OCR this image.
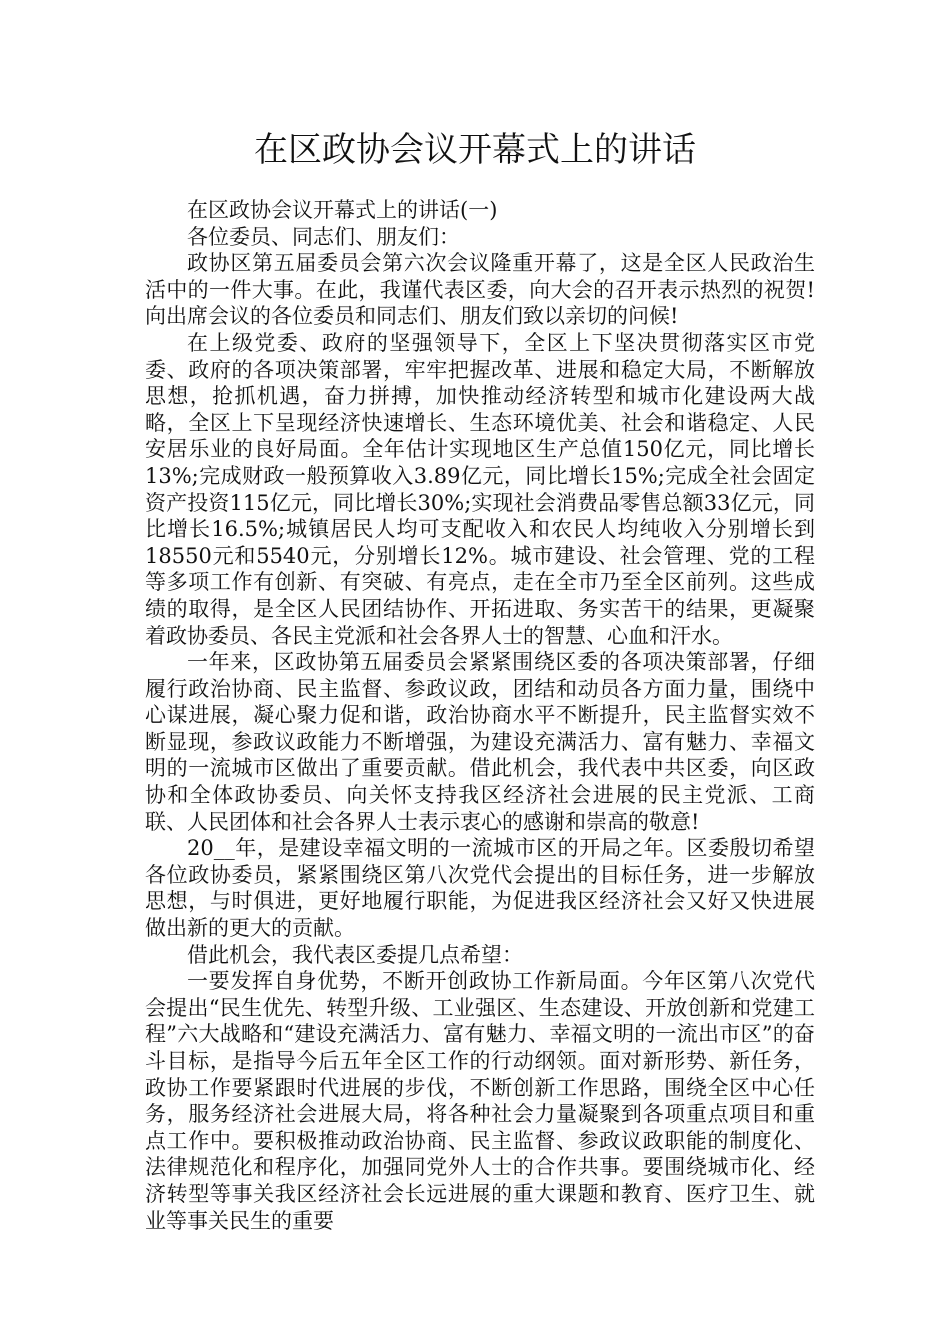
在区政协会议开幕式上的讲话

在区政协会议开幕式上的讲话(一)

各位委员、同志们、朋友们：

政协区第五届委员会第六次会议隆重开幕了，这是全区人民政治生活中的一件大事。在此，我谨代表区委，向大会的召开表示热烈的祝贺!向出席会议的各位委员和同志们、朋友们致以亲切的问候!

在上级党委、政府的坚强领导下，全区上下坚决贯彻落实区市党委、政府的各项决策部署，牢牢把握改革、进展和稳定大局，不断解放思想，抢抓机遇，奋力拼搏，加快推动经济转型和城市化建设两大战略，全区上下呈现经济快速增长、生态环境优美、社会和谐稳定、人民安居乐业的良好局面。全年估计实现地区生产总值150亿元，同比增长13%;完成财政一般预算收入3.89亿元，同比增长15%;完成全社会固定资产投资115亿元，同比增长30%;实现社会消费品零售总额33亿元，同比增长16.5%;城镇居民人均可支配收入和农民人均纯收入分别增长到18550元和5540元，分别增长12%。城市建设、社会管理、党的工程等多项工作有创新、有突破、有亮点，走在全市乃至全区前列。这些成绩的取得，是全区人民团结协作、开拓进取、务实苦干的结果，更凝聚着政协委员、各民主党派和社会各界人士的智慧、心血和汗水。

一年来，区政协第五届委员会紧紧围绕区委的各项决策部署，仔细履行政治协商、民主监督、参政议政，团结和动员各方面力量，围绕中心谋进展，凝心聚力促和谐，政治协商水平不断提升，民主监督实效不断显现，参政议政能力不断增强，为建设充满活力、富有魅力、幸福文明的一流城市区做出了重要贡献。借此机会，我代表中共区委，向区政协和全体政协委员、向关怀支持我区经济社会进展的民主党派、工商联、人民团体和社会各界人士表示衷心的感谢和崇高的敬意!

20__年，是建设幸福文明的一流城市区的开局之年。区委殷切希望各位政协委员，紧紧围绕区第八次党代会提出的目标任务，进一步解放思想，与时俱进，更好地履行职能，为促进我区经济社会又好又快进展做出新的更大的贡献。

借此机会，我代表区委提几点希望：

一要发挥自身优势，不断开创政协工作新局面。今年区第八次党代会提出“民生优先、转型升级、工业强区、生态建设、开放创新和党建工程”六大战略和“建设充满活力、富有魅力、幸福文明的一流出市区”的奋斗目标，是指导今后五年全区工作的行动纲领。面对新形势、新任务，政协工作要紧跟时代进展的步伐，不断创新工作思路，围绕全区中心任务，服务经济社会进展大局，将各种社会力量凝聚到各项重点项目和重点工作中。要积极推动政治协商、民主监督、参政议政职能的制度化、法律规范化和程序化，加强同党外人士的合作共事。要围绕城市化、经济转型等事关我区经济社会长远进展的重大课题和教育、医疗卫生、就业等事关民生的重要
